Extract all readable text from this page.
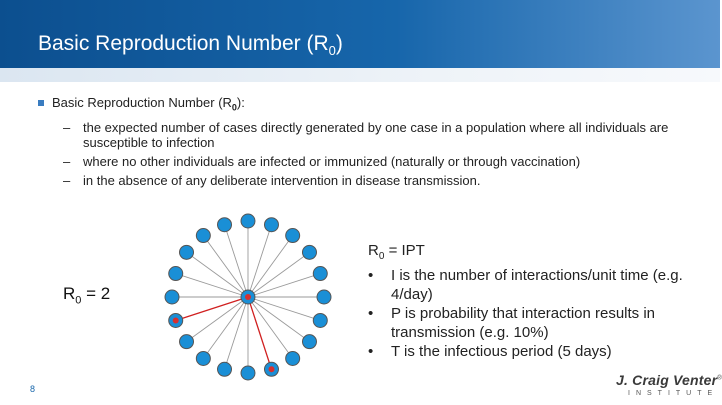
Basic Reproduction Number $(R_0)$
Basic Reproduction Number $(R_0)$:
– the expected number of cases directly generated by one case in a population where all individuals are susceptible to infection
– where no other individuals are infected or immunized (naturally or through vaccination)
– in the absence of any deliberate intervention in disease transmission.
$R_0 = 2$
$R_0$ = IPT
• I is the number of interactions/unit time (e.g. 4/day)
• P is probability that interaction results in transmission (e.g. 10%)
• T is the infectious period (5 days)
8
J. Craig Venter®
INSTITUTE
